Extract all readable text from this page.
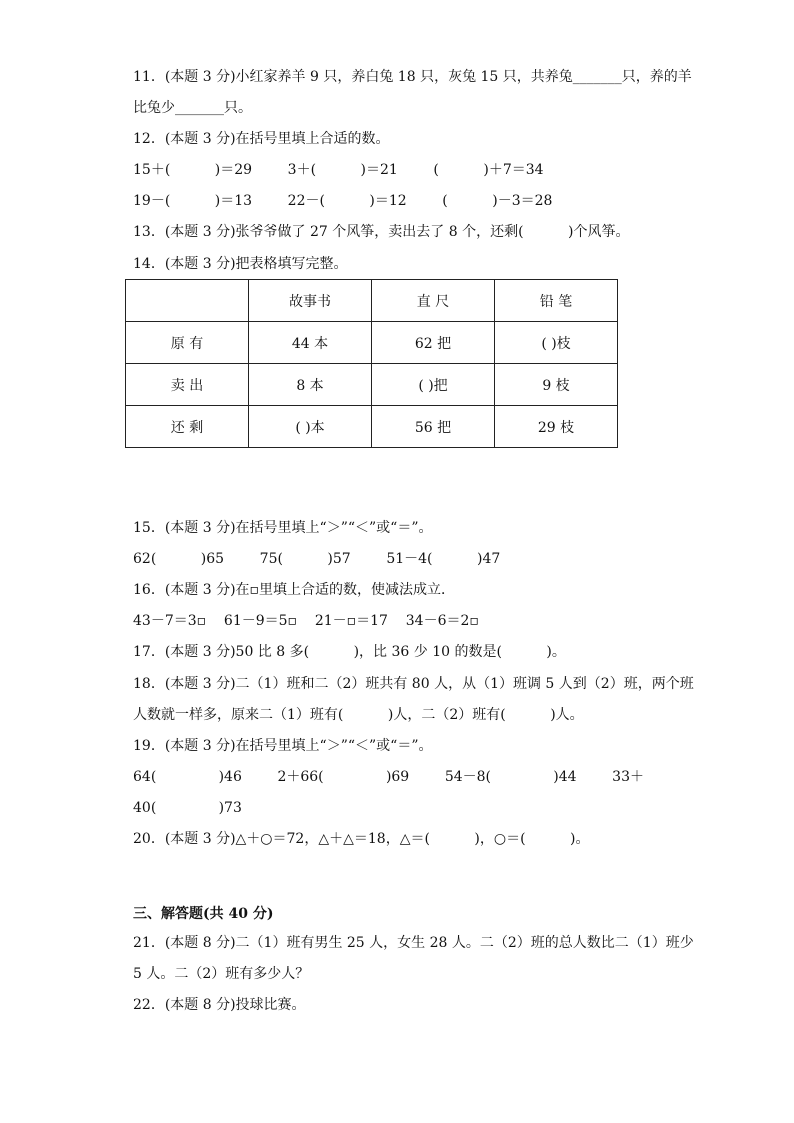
11．(本题 3 分)小红家养羊 9 只，养白兔 18 只，灰兔 15 只，共养兔_______只，养的羊
比兔少_______只。
12．(本题 3 分)在括号里填上合适的数。
15＋(          )＝29        3＋(          )＝21        (          )＋7＝34
19－(          )＝13        22－(          )＝12        (          )－3＝28
13．(本题 3 分)张爷爷做了 27 个风筝，卖出去了 8 个，还剩(          )个风筝。
14．(本题 3 分)把表格填写完整。
	故事书	直 尺	铅 笔
原 有	44 本	62 把	( )枝
卖 出	8 本	( )把	9 枝
还 剩	( )本	56 把	29 枝
15．(本题 3 分)在括号里填上“＞”“＜”或“＝”。
62(          )65        75(          )57        51－4(          )47
16．(本题 3 分)在▫里填上合适的数，使减法成立．
43－7＝3▫    61－9＝5▫    21－▫＝17    34－6＝2▫
17．(本题 3 分)50 比 8 多(          )，比 36 少 10 的数是(          )。
18．(本题 3 分)二（1）班和二（2）班共有 80 人，从（1）班调 5 人到（2）班，两个班
人数就一样多，原来二（1）班有(          )人，二（2）班有(          )人。
19．(本题 3 分)在括号里填上“＞”“＜”或“＝”。
64(              )46        2＋66(              )69        54－8(              )44        33＋
40(              )73
20．(本题 3 分)△＋○＝72，△＋△＝18，△＝(          )，○＝(          )。
三、解答题(共 40 分)
21．(本题 8 分)二（1）班有男生 25 人，女生 28 人。二（2）班的总人数比二（1）班少
5 人。二（2）班有多少人？
22．(本题 8 分)投球比赛。
